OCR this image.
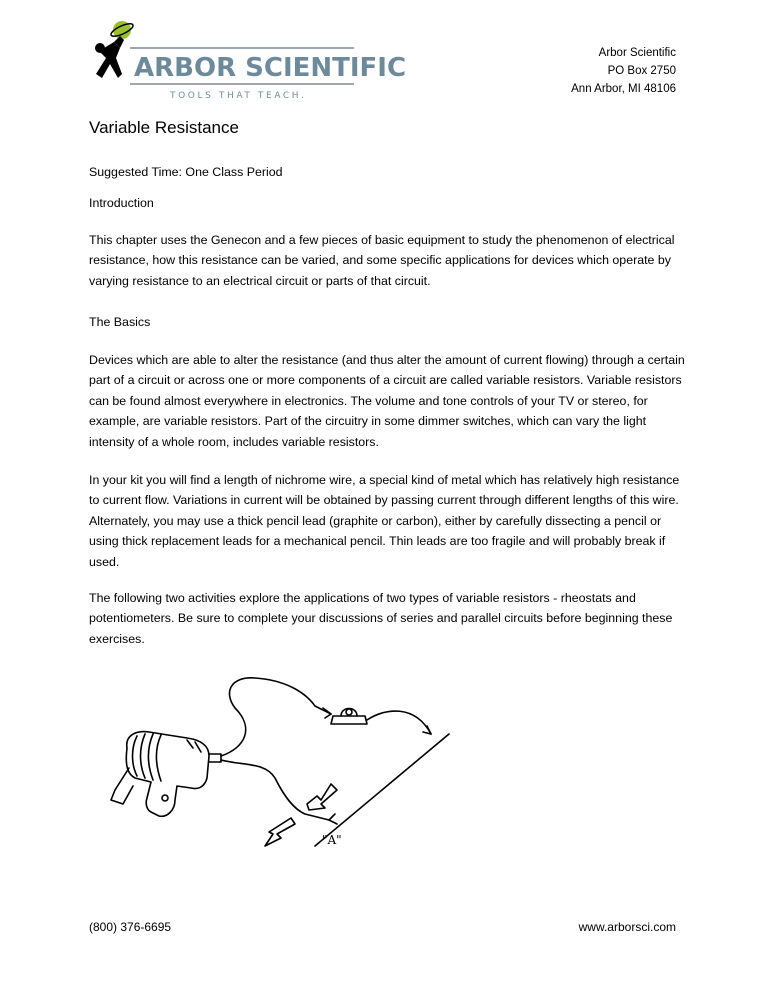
ARBOR SCIENTIFIC
TOOLS THAT TEACH.
Arbor Scientific
PO Box 2750
Ann Arbor, MI 48106
Variable Resistance

Suggested Time: One Class Period

Introduction

This chapter uses the Genecon and a few pieces of basic equipment to study the phenomenon of electrical resistance, how this resistance can be varied, and some specific applications for devices which operate by varying resistance to an electrical circuit or parts of that circuit.

The Basics

Devices which are able to alter the resistance (and thus alter the amount of current flowing) through a certain part of a circuit or across one or more components of a circuit are called variable resistors. Variable resistors can be found almost everywhere in electronics. The volume and tone controls of your TV or stereo, for example, are variable resistors. Part of the circuitry in some dimmer switches, which can vary the light intensity of a whole room, includes variable resistors.

In your kit you will find a length of nichrome wire, a special kind of metal which has relatively high resistance to current flow. Variations in current will be obtained by passing current through different lengths of this wire. Alternately, you may use a thick pencil lead (graphite or carbon), either by carefully dissecting a pencil or using thick replacement leads for a mechanical pencil. Thin leads are too fragile and will probably break if used.

The following two activities explore the applications of two types of variable resistors - rheostats and potentiometers. Be sure to complete your discussions of series and parallel circuits before beginning these exercises.

"A"
(800) 376-6695	www.arborsci.com
